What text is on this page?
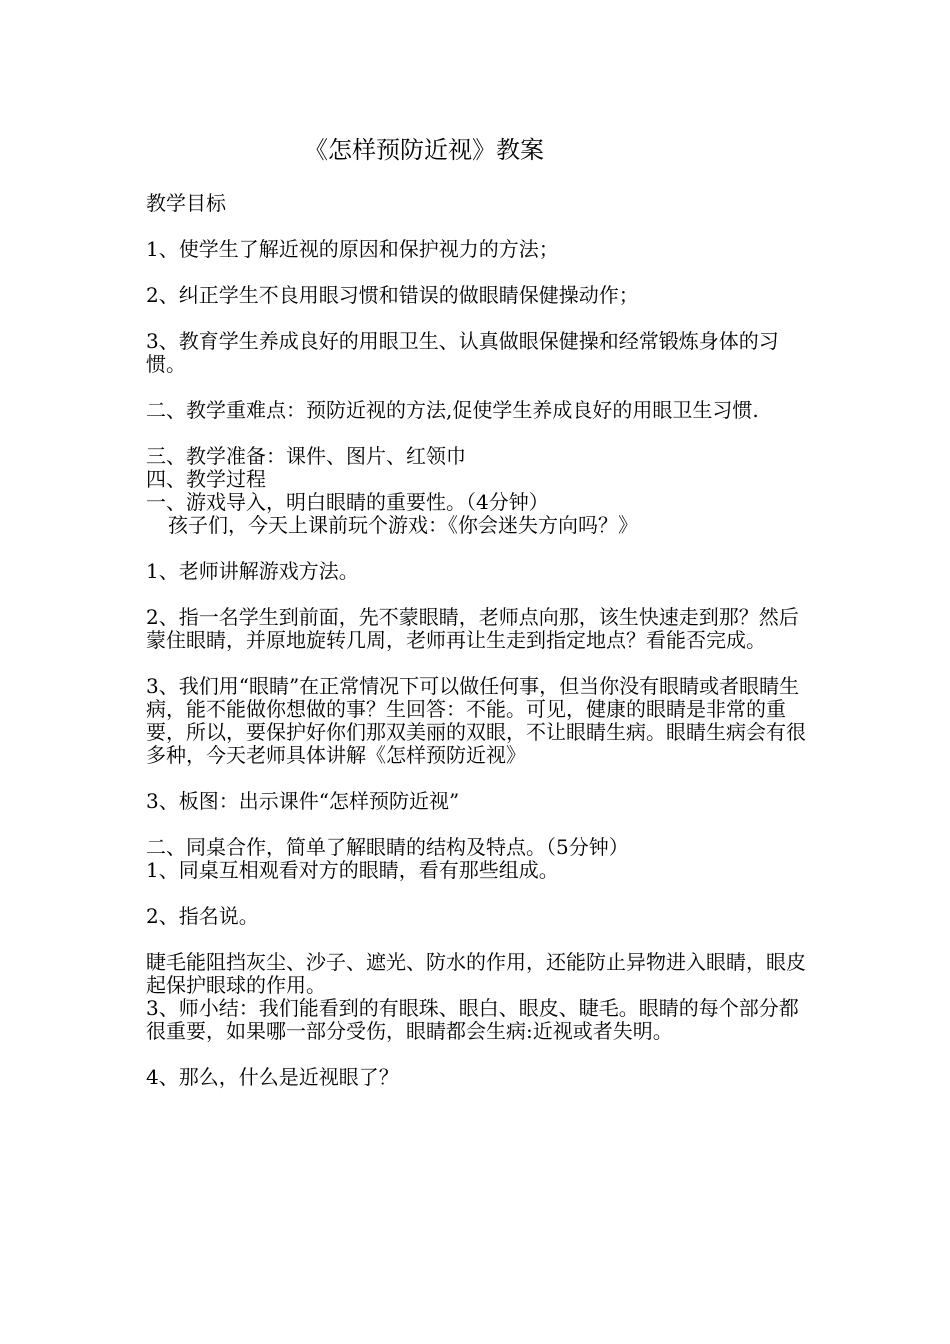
《怎样预防近视》教案

教学目标

1、使学生了解近视的原因和保护视力的方法；

2、纠正学生不良用眼习惯和错误的做眼睛保健操动作；

3、教育学生养成良好的用眼卫生、认真做眼保健操和经常锻炼身体的习惯。

二、教学重难点：预防近视的方法,促使学生养成良好的用眼卫生习惯.

三、教学准备：课件、图片、红领巾

四、教学过程

一、游戏导入，明白眼睛的重要性。（4分钟）

孩子们，今天上课前玩个游戏：《你会迷失方向吗？》

1、老师讲解游戏方法。

2、指一名学生到前面，先不蒙眼睛，老师点向那，该生快速走到那？然后蒙住眼睛，并原地旋转几周，老师再让生走到指定地点？看能否完成。

3、我们用“眼睛”在正常情况下可以做任何事，但当你没有眼睛或者眼睛生病，能不能做你想做的事？生回答：不能。可见，健康的眼睛是非常的重要，所以，要保护好你们那双美丽的双眼，不让眼睛生病。眼睛生病会有很多种，今天老师具体讲解《怎样预防近视》

3、板图：出示课件“怎样预防近视”

二、同桌合作，简单了解眼睛的结构及特点。（5分钟）

1、同桌互相观看对方的眼睛，看有那些组成。

2、指名说。

睫毛能阻挡灰尘、沙子、遮光、防水的作用，还能防止异物进入眼睛，眼皮起保护眼球的作用。

3、师小结：我们能看到的有眼珠、眼白、眼皮、睫毛。眼睛的每个部分都很重要，如果哪一部分受伤，眼睛都会生病:近视或者失明。

4、那么，什么是近视眼了？
